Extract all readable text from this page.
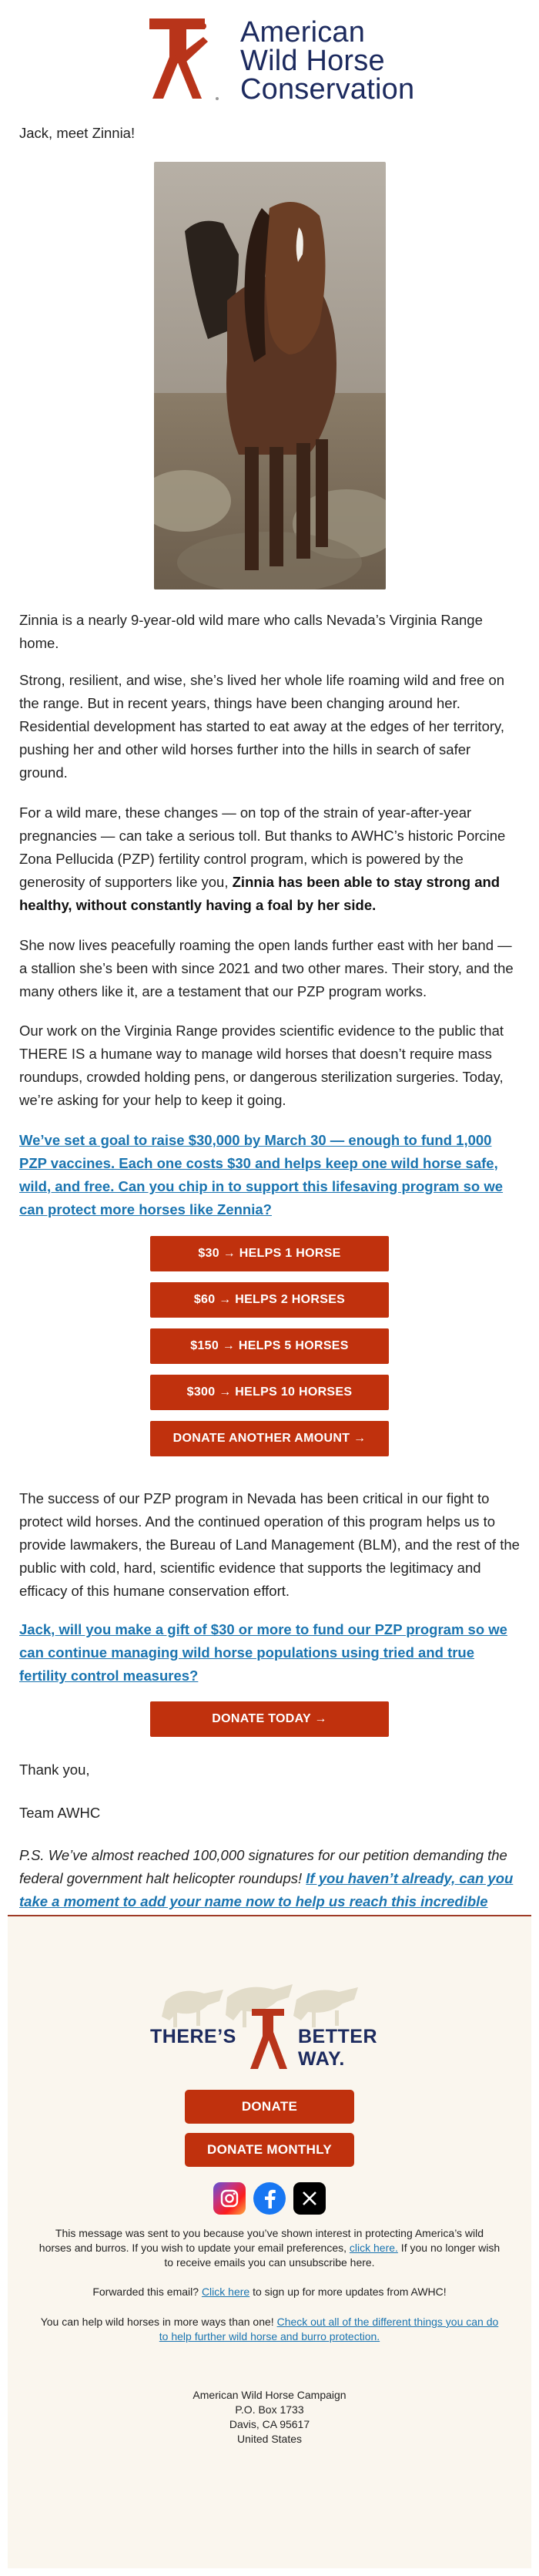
American
Wild Horse
Conservation
Jack, meet Zinnia!
Zinnia is a nearly 9-year-old wild mare who calls Nevada’s Virginia Range home.
Strong, resilient, and wise, she’s lived her whole life roaming wild and free on the range. But in recent years, things have been changing around her. Residential development has started to eat away at the edges of her territory, pushing her and other wild horses further into the hills in search of safer ground.
For a wild mare, these changes — on top of the strain of year-after-year pregnancies — can take a serious toll. But thanks to AWHC’s historic Porcine Zona Pellucida (PZP) fertility control program, which is powered by the generosity of supporters like you, Zinnia has been able to stay strong and healthy, without constantly having a foal by her side.
She now lives peacefully roaming the open lands further east with her band — a stallion she’s been with since 2021 and two other mares. Their story, and the many others like it, are a testament that our PZP program works.
Our work on the Virginia Range provides scientific evidence to the public that THERE IS a humane way to manage wild horses that doesn’t require mass roundups, crowded holding pens, or dangerous sterilization surgeries. Today, we’re asking for your help to keep it going.
We’ve set a goal to raise $30,000 by March 30 — enough to fund 1,000 PZP vaccines. Each one costs $30 and helps keep one wild horse safe, wild, and free. Can you chip in to support this lifesaving program so we can protect more horses like Zennia?
$30 → HELPS 1 HORSE
$60 → HELPS 2 HORSES
$150 → HELPS 5 HORSES
$300 → HELPS 10 HORSES
DONATE ANOTHER AMOUNT →
The success of our PZP program in Nevada has been critical in our fight to protect wild horses. And the continued operation of this program helps us to provide lawmakers, the Bureau of Land Management (BLM), and the rest of the public with cold, hard, scientific evidence that supports the legitimacy and efficacy of this humane conservation effort.
Jack, will you make a gift of $30 or more to fund our PZP program so we can continue managing wild horse populations using tried and true fertility control measures?
DONATE TODAY →
Thank you,
Team AWHC
P.S. We’ve almost reached 100,000 signatures for our petition demanding the federal government halt helicopter roundups! If you haven’t already, can you take a moment to add your name now to help us reach this incredible
THERE’S	BETTER WAY.
DONATE
DONATE MONTHLY
This message was sent to you because you’ve shown interest in protecting America’s wild horses and burros. If you wish to update your email preferences, click here. If you no longer wish to receive emails you can unsubscribe here.
Forwarded this email? Click here to sign up for more updates from AWHC!
You can help wild horses in more ways than one! Check out all of the different things you can do to help further wild horse and burro protection.
American Wild Horse Campaign
P.O. Box 1733
Davis, CA 95617
United States
